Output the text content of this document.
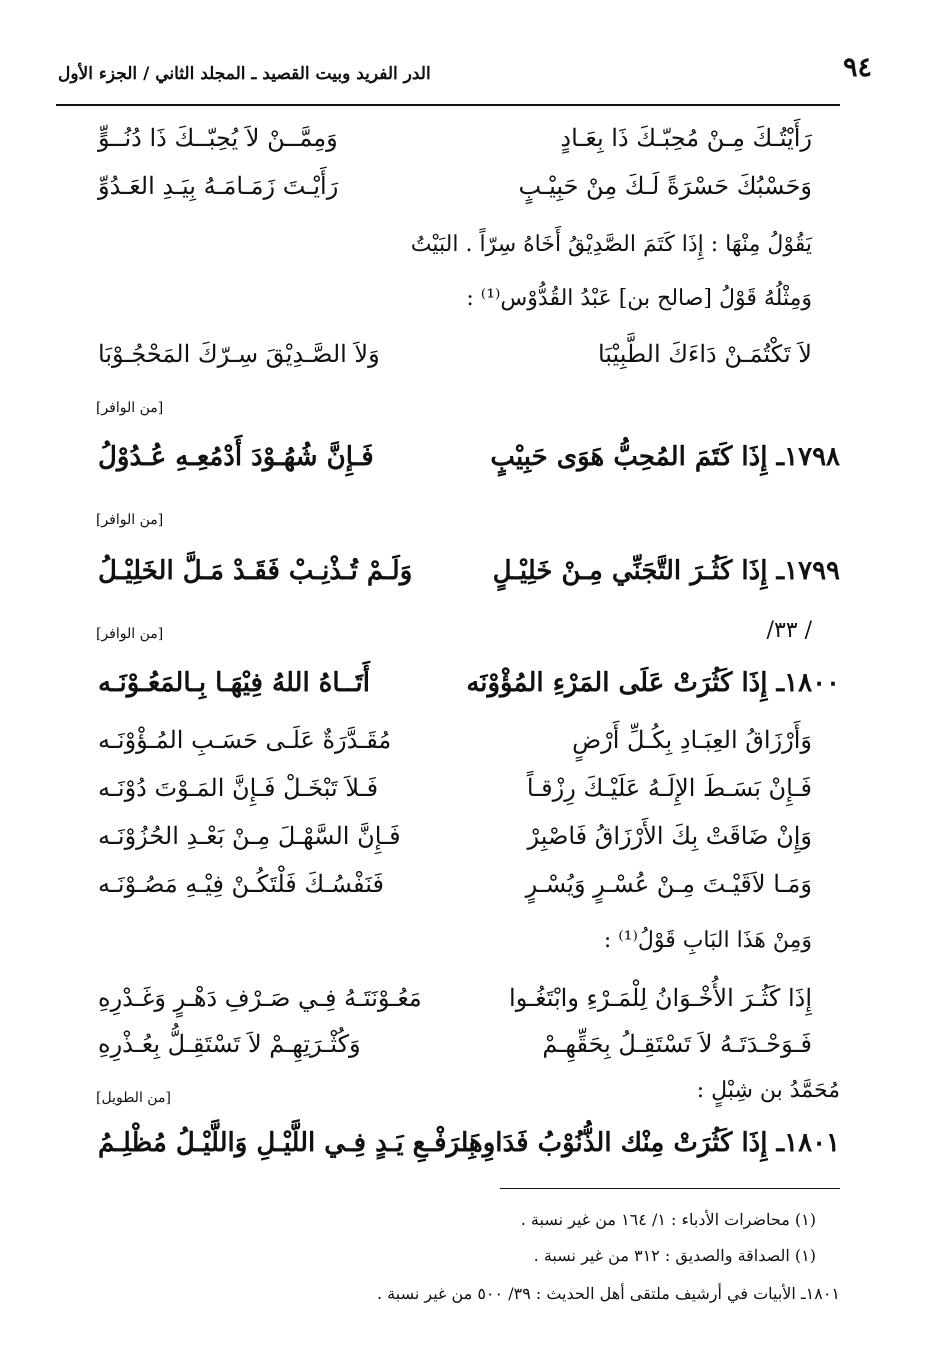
٩٤
الدر الفريد وبيت القصيد ـ المجلد الثاني / الجزء الأول
رَأَيْتُـكَ مِـنْ مُحِبّـكَ ذَا بِعَـادٍ
وَمِمَّــنْ لاَ يُحِبّــكَ ذَا دُنُــوٍّ
وَحَسْبُكَ حَسْرَةً لَـكَ مِنْ حَبِيْـبٍ
رَأَيْـتَ زَمَـامَـهُ بِيَـدِ العَـدُوِّ
يَقُوْلُ مِنْهَا : إِذَا كَتَمَ الصَّدِيْقُ أَخَاهُ سِرّاً . البَيْتُ
وَمِثْلُهُ قَوْلُ [صالح بن] عَبْدُ القُدُّوْس⁽¹⁾ :
لاَ تَكْتُمَـنْ دَاءَكَ الطَّبِيْبَا
وَلاَ الصَّـدِيْقَ سِـرّكَ المَحْجُـوْبَا
[من الوافر]
١٧٩٨ـ إِذَا كَتَمَ المُحِبُّ هَوَى حَبِيْبٍ
فَـإِنَّ شُهُـوْدَ أَدْمُعِـهِ عُـدُوْلُ
[من الوافر]
١٧٩٩ـ إِذَا كَثُـرَ التَّجَنِّي مِـنْ خَلِيْـلٍ
وَلَـمْ تُـذْنِـبْ فَقَـدْ مَـلَّ الخَلِيْـلُ
/ ٣٣/
[من الوافر]
١٨٠٠ـ إِذَا كَثُرَتْ عَلَى المَرْءِ المُؤْوْنَه
أَتَــاهُ اللهُ فِيْهَـا بِـالمَعُـوْنَـه
وَأَرْزَاقُ العِبَـادِ بِكُـلِّ أَرْضٍ
مُقَـدَّرَةٌ عَلَـى حَسَـبِ المُـؤْوْنَـه
فَـإِنْ بَسَـطَ الإِلَـهُ عَلَيْـكَ رِزْقـاً
فَـلاَ تَبْخَـلْ فَـإِنَّ المَـوْتَ دُوْنَـه
وَإِنْ ضَاقَتْ بِكَ الأَرْزَاقُ فَاصْبِرْ
فَـإِنَّ السَّهْـلَ مِـنْ بَعْـدِ الحُزُوْنَـه
وَمَـا لاَقَيْـتَ مِـنْ عُسْـرٍ وَيُسْـرٍ
فَنَفْسُـكَ فَلْتَكُـنْ فِيْـهِ مَصُـوْنَـه
وَمِنْ هَذَا البَابِ قَوْلُ⁽¹⁾ :
إِذَا كَثُـرَ الأُخْـوَانُ لِلْمَـرْءِ وابْتَغُـوا
مَعُـوْنَتَـهُ فِـي صَـرْفِ دَهْـرٍ وَغَـدْرِهِ
فَـوَحْـدَتَـهُ لاَ تَسْتَقِـلُ بِحَقِّهِـمْ
وَكُثْـرَتِهِـمْ لاَ تَسْتَقِـلُّ بِعُـذْرِهِ
مُحَمَّدُ بن شِبْلٍ :
[من الطويل]
١٨٠١ـ إِذَا كَثُرَتْ مِنْك الذُّنُوْبُ فَدَاوِهَا
بِـرَفْـعِ يَـدٍ فِـي اللَّيْـلِ وَاللَّيْـلُ مُظْلِـمُ
(١) محاضرات الأدباء : ١/ ١٦٤ من غير نسبة .
(١) الصداقة والصديق : ٣١٢ من غير نسبة .
١٨٠١ـ الأبيات في أرشيف ملتقى أهل الحديث : ٣٩/ ٥٠٠ من غير نسبة .
